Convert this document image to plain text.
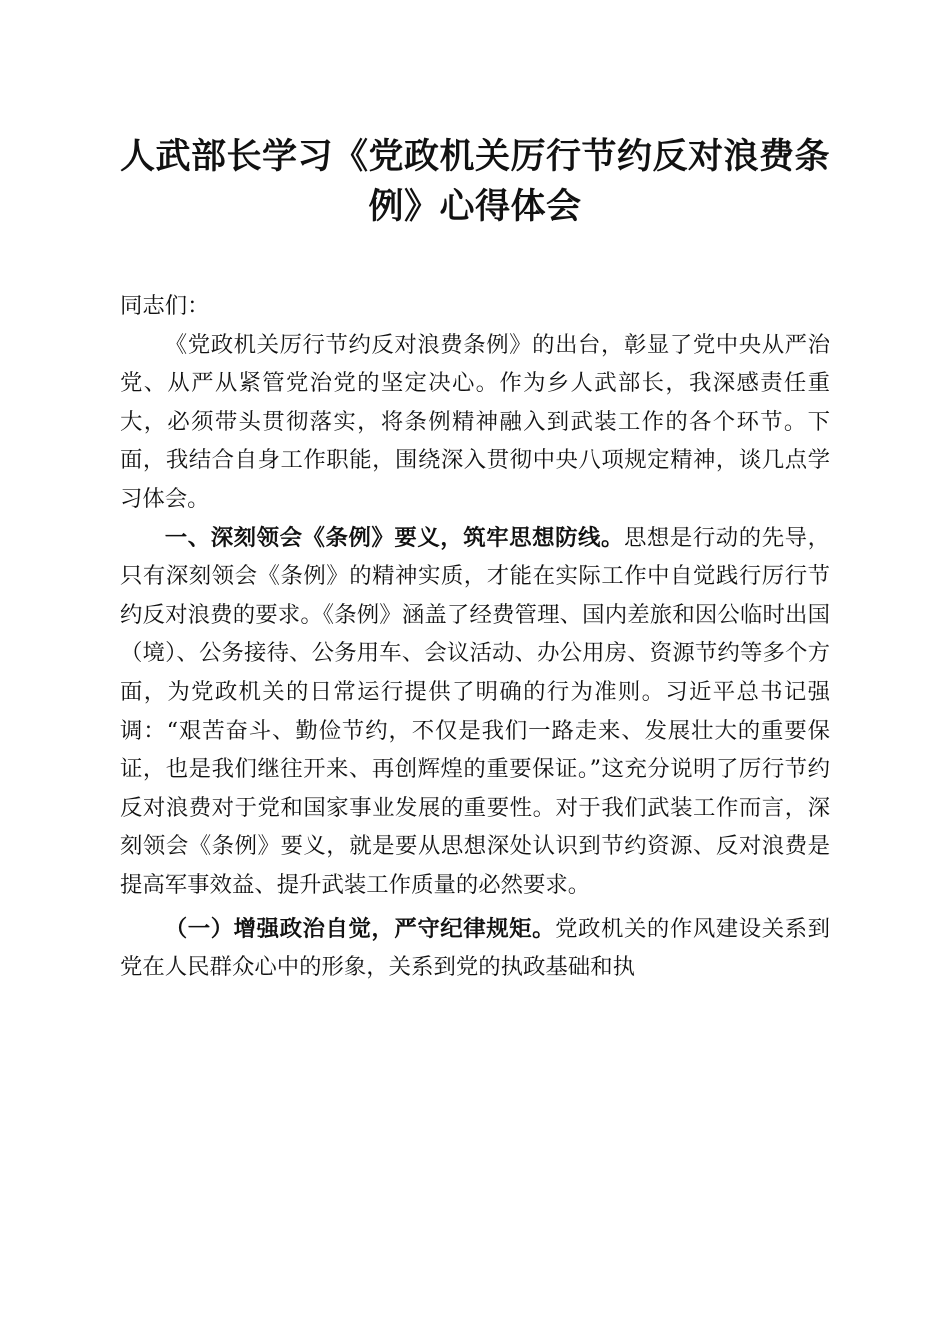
人武部长学习《党政机关厉行节约反对浪费条
例》心得体会

同志们：

《党政机关厉行节约反对浪费条例》的出台，彰显了党中央从严治党、从严从紧管党治党的坚定决心。作为乡人武部长，我深感责任重大，必须带头贯彻落实，将条例精神融入到武装工作的各个环节。下面，我结合自身工作职能，围绕深入贯彻中央八项规定精神，谈几点学习体会。

一、深刻领会《条例》要义，筑牢思想防线。思想是行动的先导，只有深刻领会《条例》的精神实质，才能在实际工作中自觉践行厉行节约反对浪费的要求。《条例》涵盖了经费管理、国内差旅和因公临时出国（境）、公务接待、公务用车、会议活动、办公用房、资源节约等多个方面，为党政机关的日常运行提供了明确的行为准则。习近平总书记强调：“艰苦奋斗、勤俭节约，不仅是我们一路走来、发展壮大的重要保证，也是我们继往开来、再创辉煌的重要保证。”这充分说明了厉行节约反对浪费对于党和国家事业发展的重要性。对于我们武装工作而言，深刻领会《条例》要义，就是要从思想深处认识到节约资源、反对浪费是提高军事效益、提升武装工作质量的必然要求。

（一）增强政治自觉，严守纪律规矩。党政机关的作风建设关系到党在人民群众心中的形象，关系到党的执政基础和执
